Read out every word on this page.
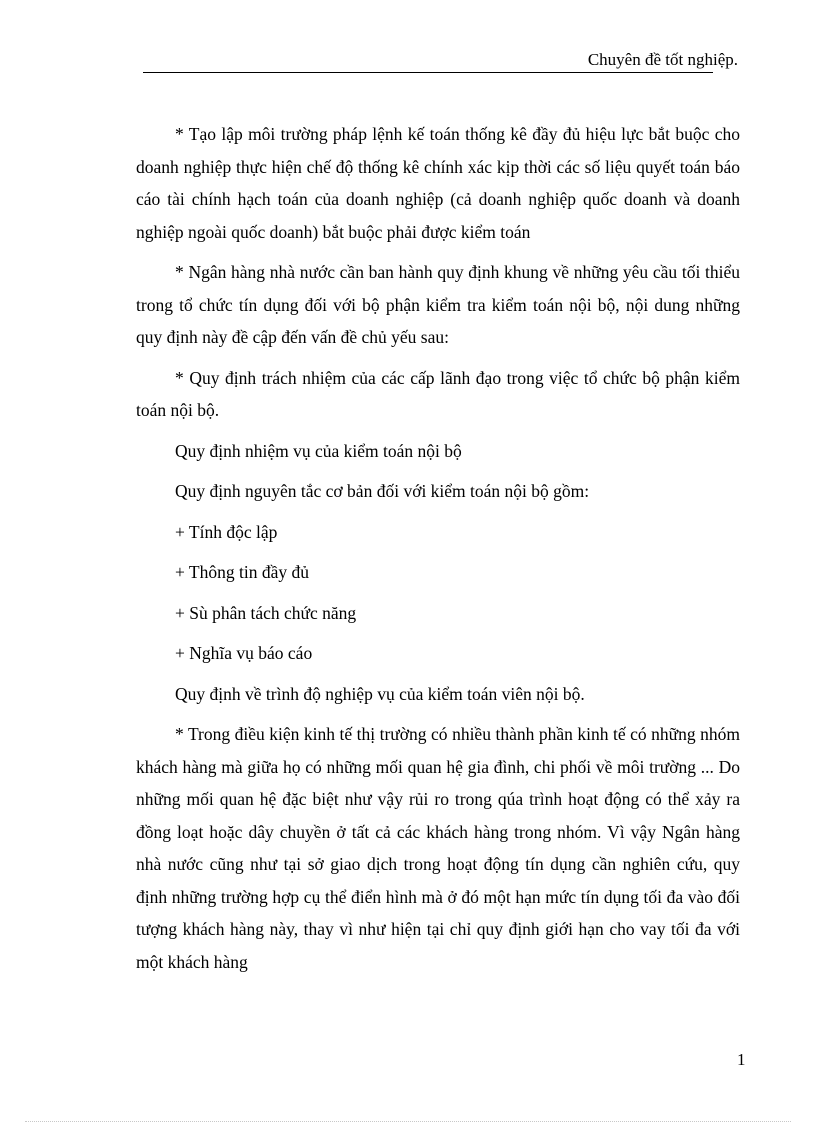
Chuyên đề tốt nghiệp.

* Tạo lập môi trường pháp lệnh kế toán thống kê đầy đủ hiệu lực bắt buộc cho doanh nghiệp thực hiện chế độ thống kê chính xác kịp thời các số liệu quyết toán báo cáo tài chính hạch toán của doanh nghiệp (cả doanh nghiệp quốc doanh và doanh nghiệp ngoài quốc doanh) bắt buộc phải được kiểm toán

* Ngân hàng nhà nước cần ban hành quy định khung về những yêu cầu tối thiểu trong tổ chức tín dụng đối với bộ phận kiểm tra kiểm toán nội bộ, nội dung những quy định này đề cập đến vấn đề chủ yếu sau:

* Quy định trách nhiệm của các cấp lãnh đạo trong việc tổ chức bộ phận kiểm toán nội bộ.

Quy định nhiệm vụ của kiểm toán nội bộ

Quy định nguyên tắc cơ bản đối với kiểm toán nội bộ gồm:

+ Tính độc lập

+ Thông tin đầy đủ

+ Sù phân tách chức năng

+ Nghĩa vụ báo cáo

Quy định về trình độ nghiệp vụ của kiểm toán viên nội bộ.

* Trong điều kiện kinh tế thị trường có nhiều thành phần kinh tế có những nhóm khách hàng mà giữa họ có những mối quan hệ gia đình, chi phối về môi trường ... Do những mối quan hệ đặc biệt như vậy rủi ro trong qúa trình hoạt động có thể xảy ra đồng loạt hoặc dây chuyền ở tất cả các khách hàng trong nhóm. Vì vậy Ngân hàng nhà nước cũng như tại sở giao dịch trong hoạt động tín dụng cần nghiên cứu, quy định những trường hợp cụ thể điển hình mà ở đó một hạn mức tín dụng tối đa vào đối tượng khách hàng này, thay vì như hiện tại chỉ quy định giới hạn cho vay tối đa với một khách hàng

1
